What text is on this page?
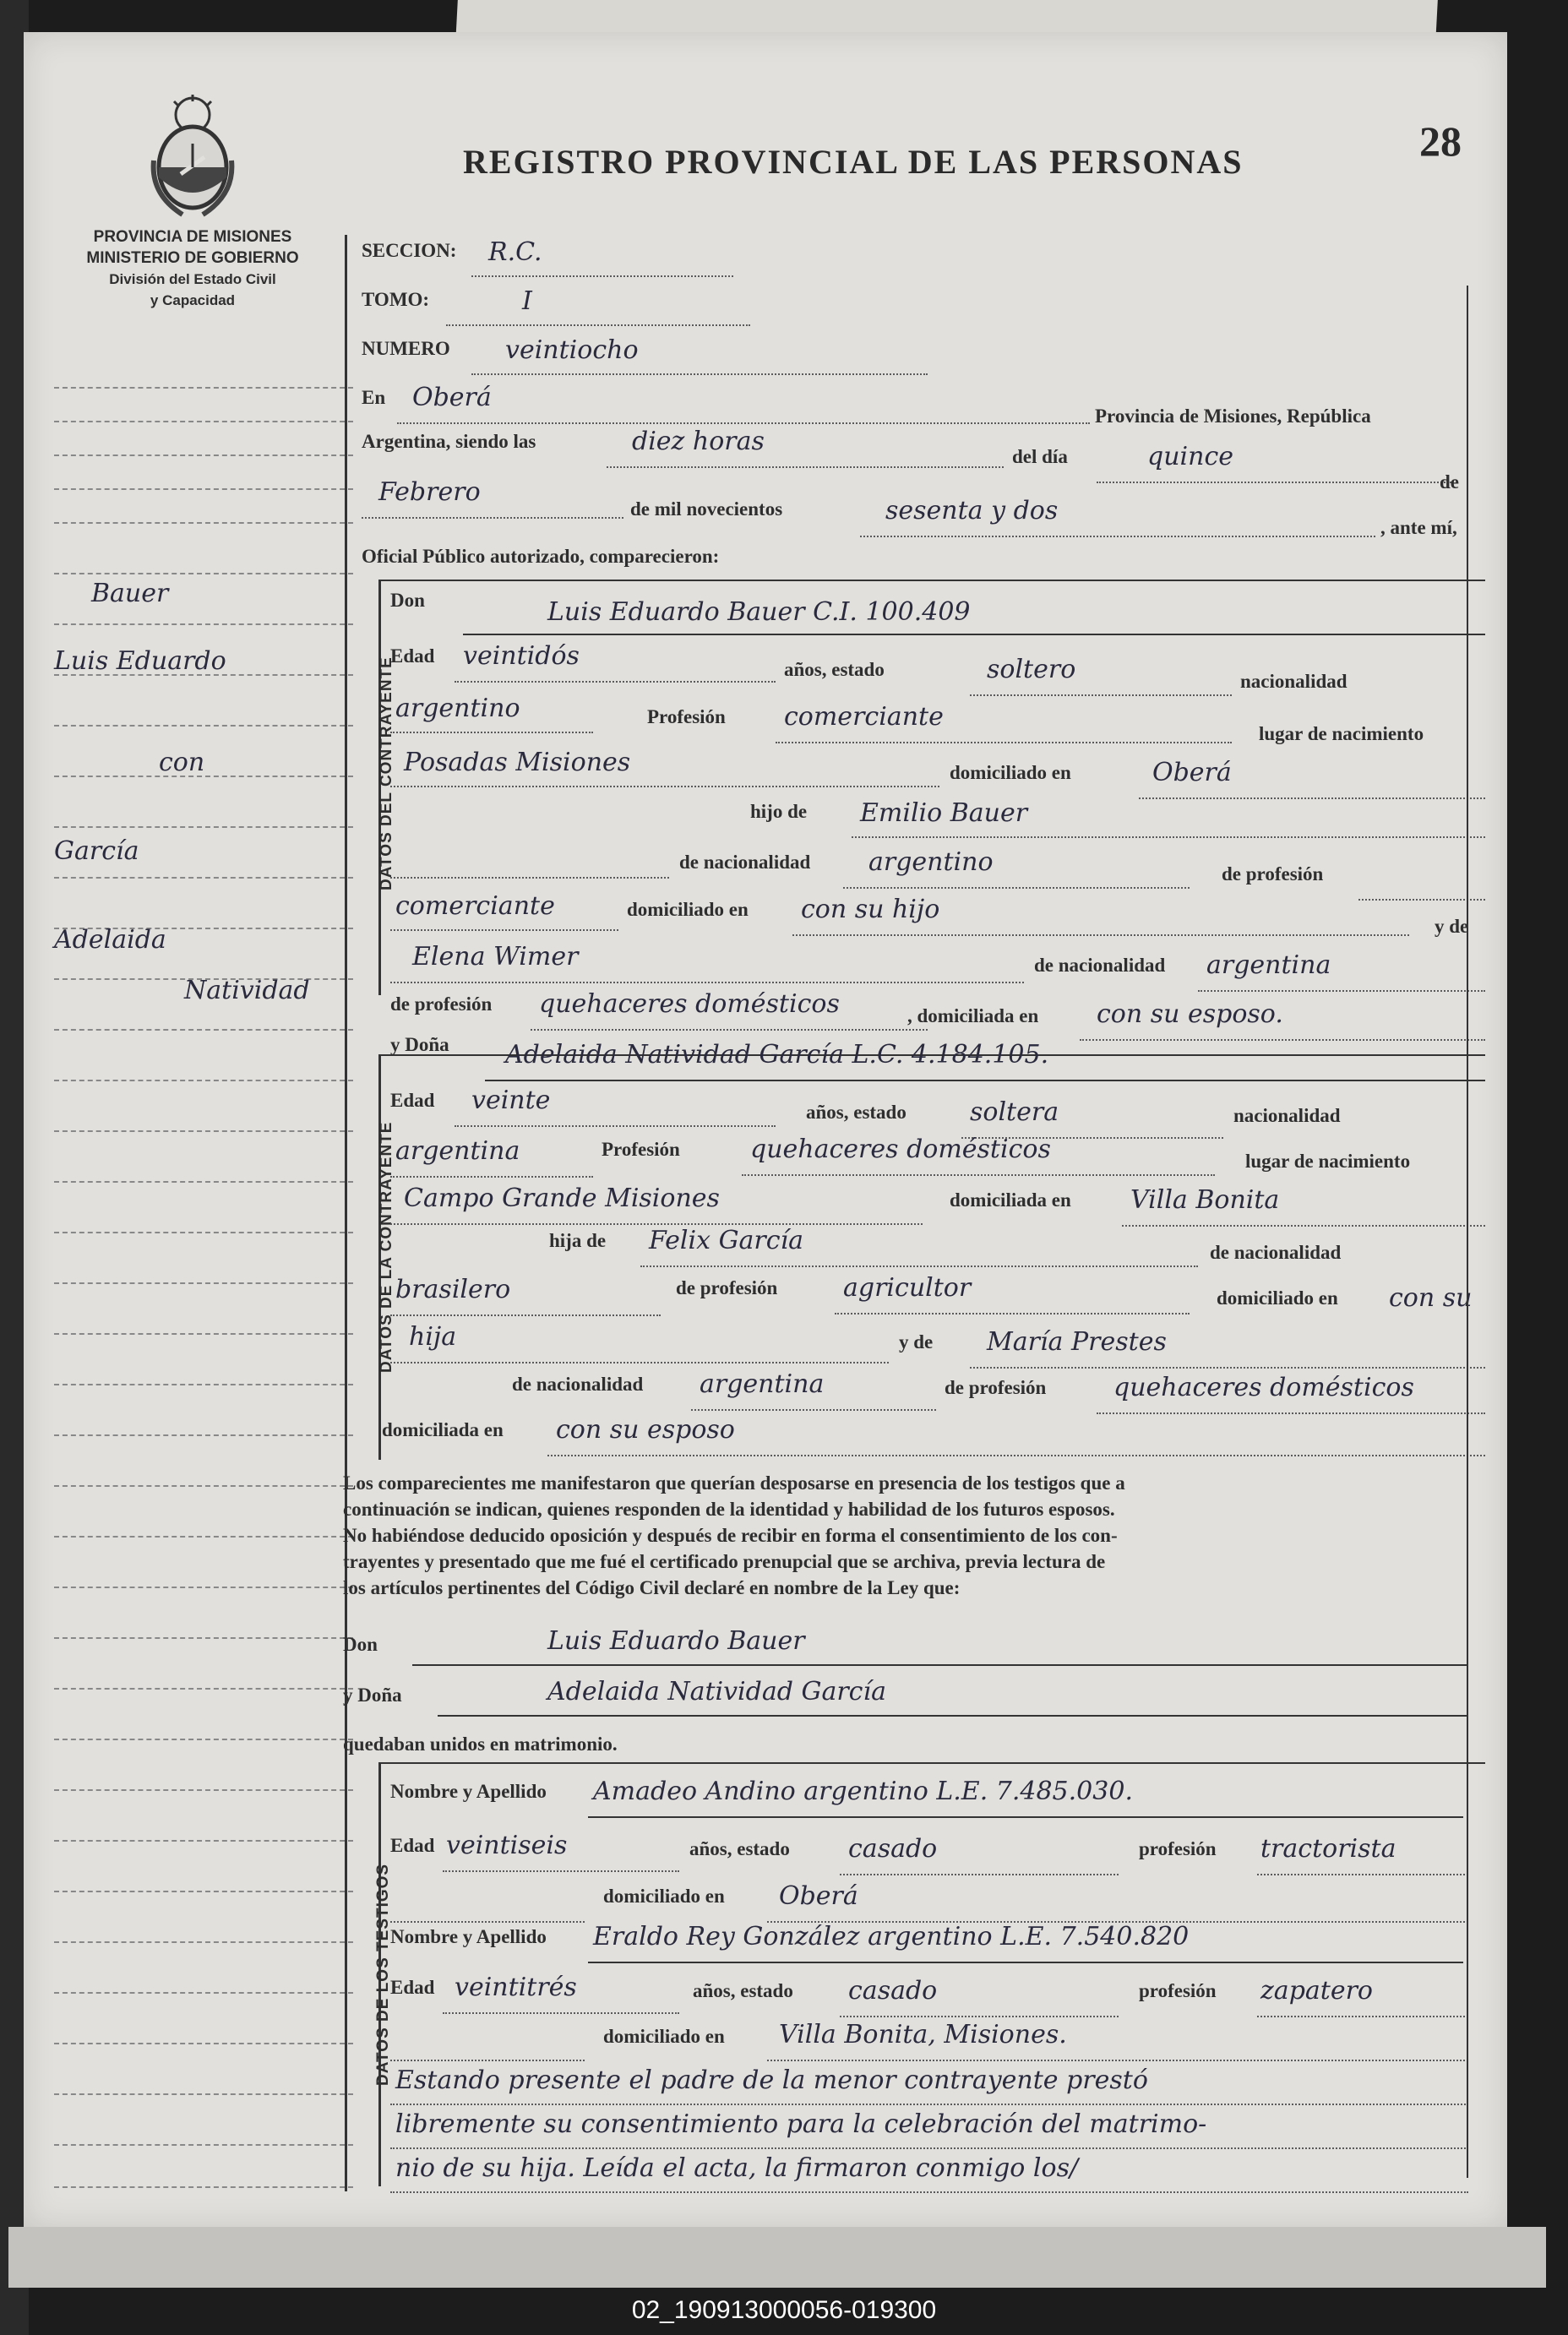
PROVINCIA DE MISIONES
MINISTERIO DE GOBIERNO
División del Estado Civil
y Capacidad
REGISTRO PROVINCIAL DE LAS PERSONAS	28
Bauer
Luis Eduardo
con
García
Adelaida
Natividad
SECCION: R.C.
TOMO:	I
NUMERO veintiocho
En Oberá
Provincia de Misiones, República
Argentina, siendo las	diez horas
del día	quince
Febrero
de mil novecientos	sesenta y dos
de
, ante mí,
Oficial Público autorizado, comparecieron:
DATOS DEL CONTRAYENTE
Don	Luis Eduardo Bauer C.I. 100.409
Edad veintidós	años, estado	soltero	nacionalidad
argentino	Profesión comerciante
lugar de nacimiento
Posadas Misiones	domiciliado en	Oberá
hijo de Emilio Bauer
de nacionalidad argentino	de profesión
comerciante	domiciliado en con su hijo
y de
Elena Wimer	de nacionalidad argentina
de profesión quehaceres domésticos	, domiciliada en con su esposo.
DATOS DE LA CONTRAYENTE
y Doña Adelaida Natividad García L.C. 4.184.105.
Edad veinte	años, estado	soltera	nacionalidad
argentina	Profesión	quehaceres domésticos	lugar de nacimiento
Campo Grande Misiones	domiciliada en Villa Bonita
hija de Felix García	de nacionalidad
brasilero	de profesión	agricultor	domiciliado en con su
hija	y de María Prestes
de nacionalidad argentina	de profesión	quehaceres domésticos
domiciliada en con su esposo
Los comparecientes me manifestaron que querían desposarse en presencia de los testigos que a
continuación se indican, quienes responden de la identidad y habilidad de los futuros esposos.
No habiéndose deducido oposición y después de recibir en forma el consentimiento de los con-
trayentes y presentado que me fué el certificado prenupcial que se archiva, previa lectura de
los artículos pertinentes del Código Civil declaré en nombre de la Ley que:
Don	Luis Eduardo Bauer
y Doña	Adelaida Natividad García
quedaban unidos en matrimonio.
DATOS DE LOS TESTIGOS
Nombre y Apellido Amadeo Andino argentino L.E. 7.485.030.
Edad veintiseis	años, estado casado	profesión tractorista
domiciliado en Oberá
Nombre y Apellido Eraldo Rey González argentino L.E. 7.540.820
Edad veintitrés	años, estado casado	profesión zapatero
domiciliado en Villa Bonita, Misiones.
Estando presente el padre de la menor contrayente prestó
libremente su consentimiento para la celebración del matrimo-
nio de su hija. Leída el acta, la firmaron conmigo los/
02_190913000056-019300
